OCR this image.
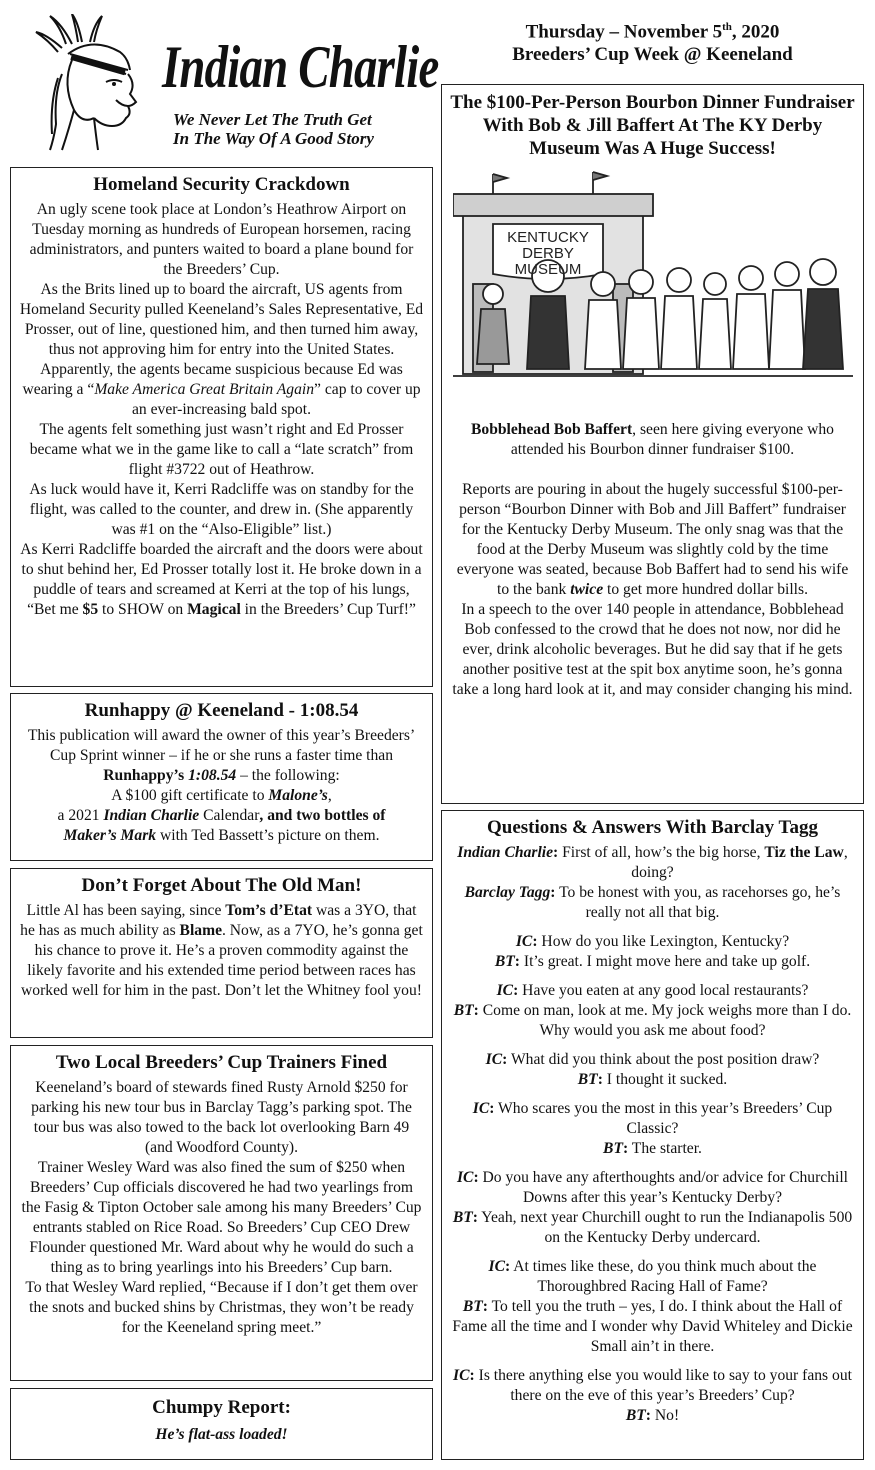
Indian Charlie
We Never Let The Truth Get
In The Way Of A Good Story
Homeland Security Crackdown

An ugly scene took place at London’s Heathrow Airport on Tuesday morning as hundreds of European horsemen, racing administrators, and punters waited to board a plane bound for the Breeders’ Cup.

As the Brits lined up to board the aircraft, US agents from Homeland Security pulled Keeneland’s Sales Representative, Ed Prosser, out of line, questioned him, and then turned him away, thus not approving him for entry into the United States.

Apparently, the agents became suspicious because Ed was wearing a “Make America Great Britain Again” cap to cover up an ever-increasing bald spot.

The agents felt something just wasn’t right and Ed Prosser became what we in the game like to call a “late scratch” from flight #3722 out of Heathrow.

As luck would have it, Kerri Radcliffe was on standby for the flight, was called to the counter, and drew in. (She apparently was #1 on the “Also-Eligible” list.)

As Kerri Radcliffe boarded the aircraft and the doors were about to shut behind her, Ed Prosser totally lost it. He broke down in a puddle of tears and screamed at Kerri at the top of his lungs, “Bet me $5 to SHOW on Magical in the Breeders’ Cup Turf!”

Runhappy @ Keeneland - 1:08.54

This publication will award the owner of this year’s Breeders’ Cup Sprint winner – if he or she runs a faster time than Runhappy’s 1:08.54 – the following:

A $100 gift certificate to Malone’s,

a 2021 Indian Charlie Calendar, and two bottles of

Maker’s Mark with Ted Bassett’s picture on them.

Don’t Forget About The Old Man!

Little Al has been saying, since Tom’s d’Etat was a 3YO, that he has as much ability as Blame. Now, as a 7YO, he’s gonna get his chance to prove it. He’s a proven commodity against the likely favorite and his extended time period between races has worked well for him in the past. Don’t let the Whitney fool you!

Two Local Breeders’ Cup Trainers Fined

Keeneland’s board of stewards fined Rusty Arnold $250 for parking his new tour bus in Barclay Tagg’s parking spot. The tour bus was also towed to the back lot overlooking Barn 49 (and Woodford County).

Trainer Wesley Ward was also fined the sum of $250 when Breeders’ Cup officials discovered he had two yearlings from the Fasig & Tipton October sale among his many Breeders’ Cup entrants stabled on Rice Road. So Breeders’ Cup CEO Drew Flounder questioned Mr. Ward about why he would do such a thing as to bring yearlings into his Breeders’ Cup barn.

To that Wesley Ward replied, “Because if I don’t get them over the snots and bucked shins by Christmas, they won’t be ready for the Keeneland spring meet.”

Chumpy Report:

He’s flat-ass loaded!

Thursday – November 5th, 2020
Breeders’ Cup Week @ Keeneland
The $100-Per-Person Bourbon Dinner Fundraiser With Bob & Jill Baffert At The KY Derby Museum Was A Huge Success!
KENTUCKY
DERBY
MUSEUM

Bobblehead Bob Baffert, seen here giving everyone who attended his Bourbon dinner fundraiser $100.

Reports are pouring in about the hugely successful $100-per-person “Bourbon Dinner with Bob and Jill Baffert” fundraiser for the Kentucky Derby Museum. The only snag was that the food at the Derby Museum was slightly cold by the time everyone was seated, because Bob Baffert had to send his wife to the bank twice to get more hundred dollar bills.

In a speech to the over 140 people in attendance, Bobblehead Bob confessed to the crowd that he does not now, nor did he ever, drink alcoholic beverages. But he did say that if he gets another positive test at the spit box anytime soon, he’s gonna take a long hard look at it, and may consider changing his mind.

Questions & Answers With Barclay Tagg

Indian Charlie: First of all, how’s the big horse, Tiz the Law, doing?
Barclay Tagg: To be honest with you, as racehorses go, he’s really not all that big.

IC: How do you like Lexington, Kentucky?
BT: It’s great. I might move here and take up golf.

IC: Have you eaten at any good local restaurants?
BT: Come on man, look at me. My jock weighs more than I do. Why would you ask me about food?

IC: What did you think about the post position draw?
BT: I thought it sucked.

IC: Who scares you the most in this year’s Breeders’ Cup Classic?
BT: The starter.

IC: Do you have any afterthoughts and/or advice for Churchill Downs after this year’s Kentucky Derby?
BT: Yeah, next year Churchill ought to run the Indianapolis 500 on the Kentucky Derby undercard.

IC: At times like these, do you think much about the Thoroughbred Racing Hall of Fame?
BT: To tell you the truth – yes, I do. I think about the Hall of Fame all the time and I wonder why David Whiteley and Dickie Small ain’t in there.

IC: Is there anything else you would like to say to your fans out there on the eve of this year’s Breeders’ Cup?
BT: No!
